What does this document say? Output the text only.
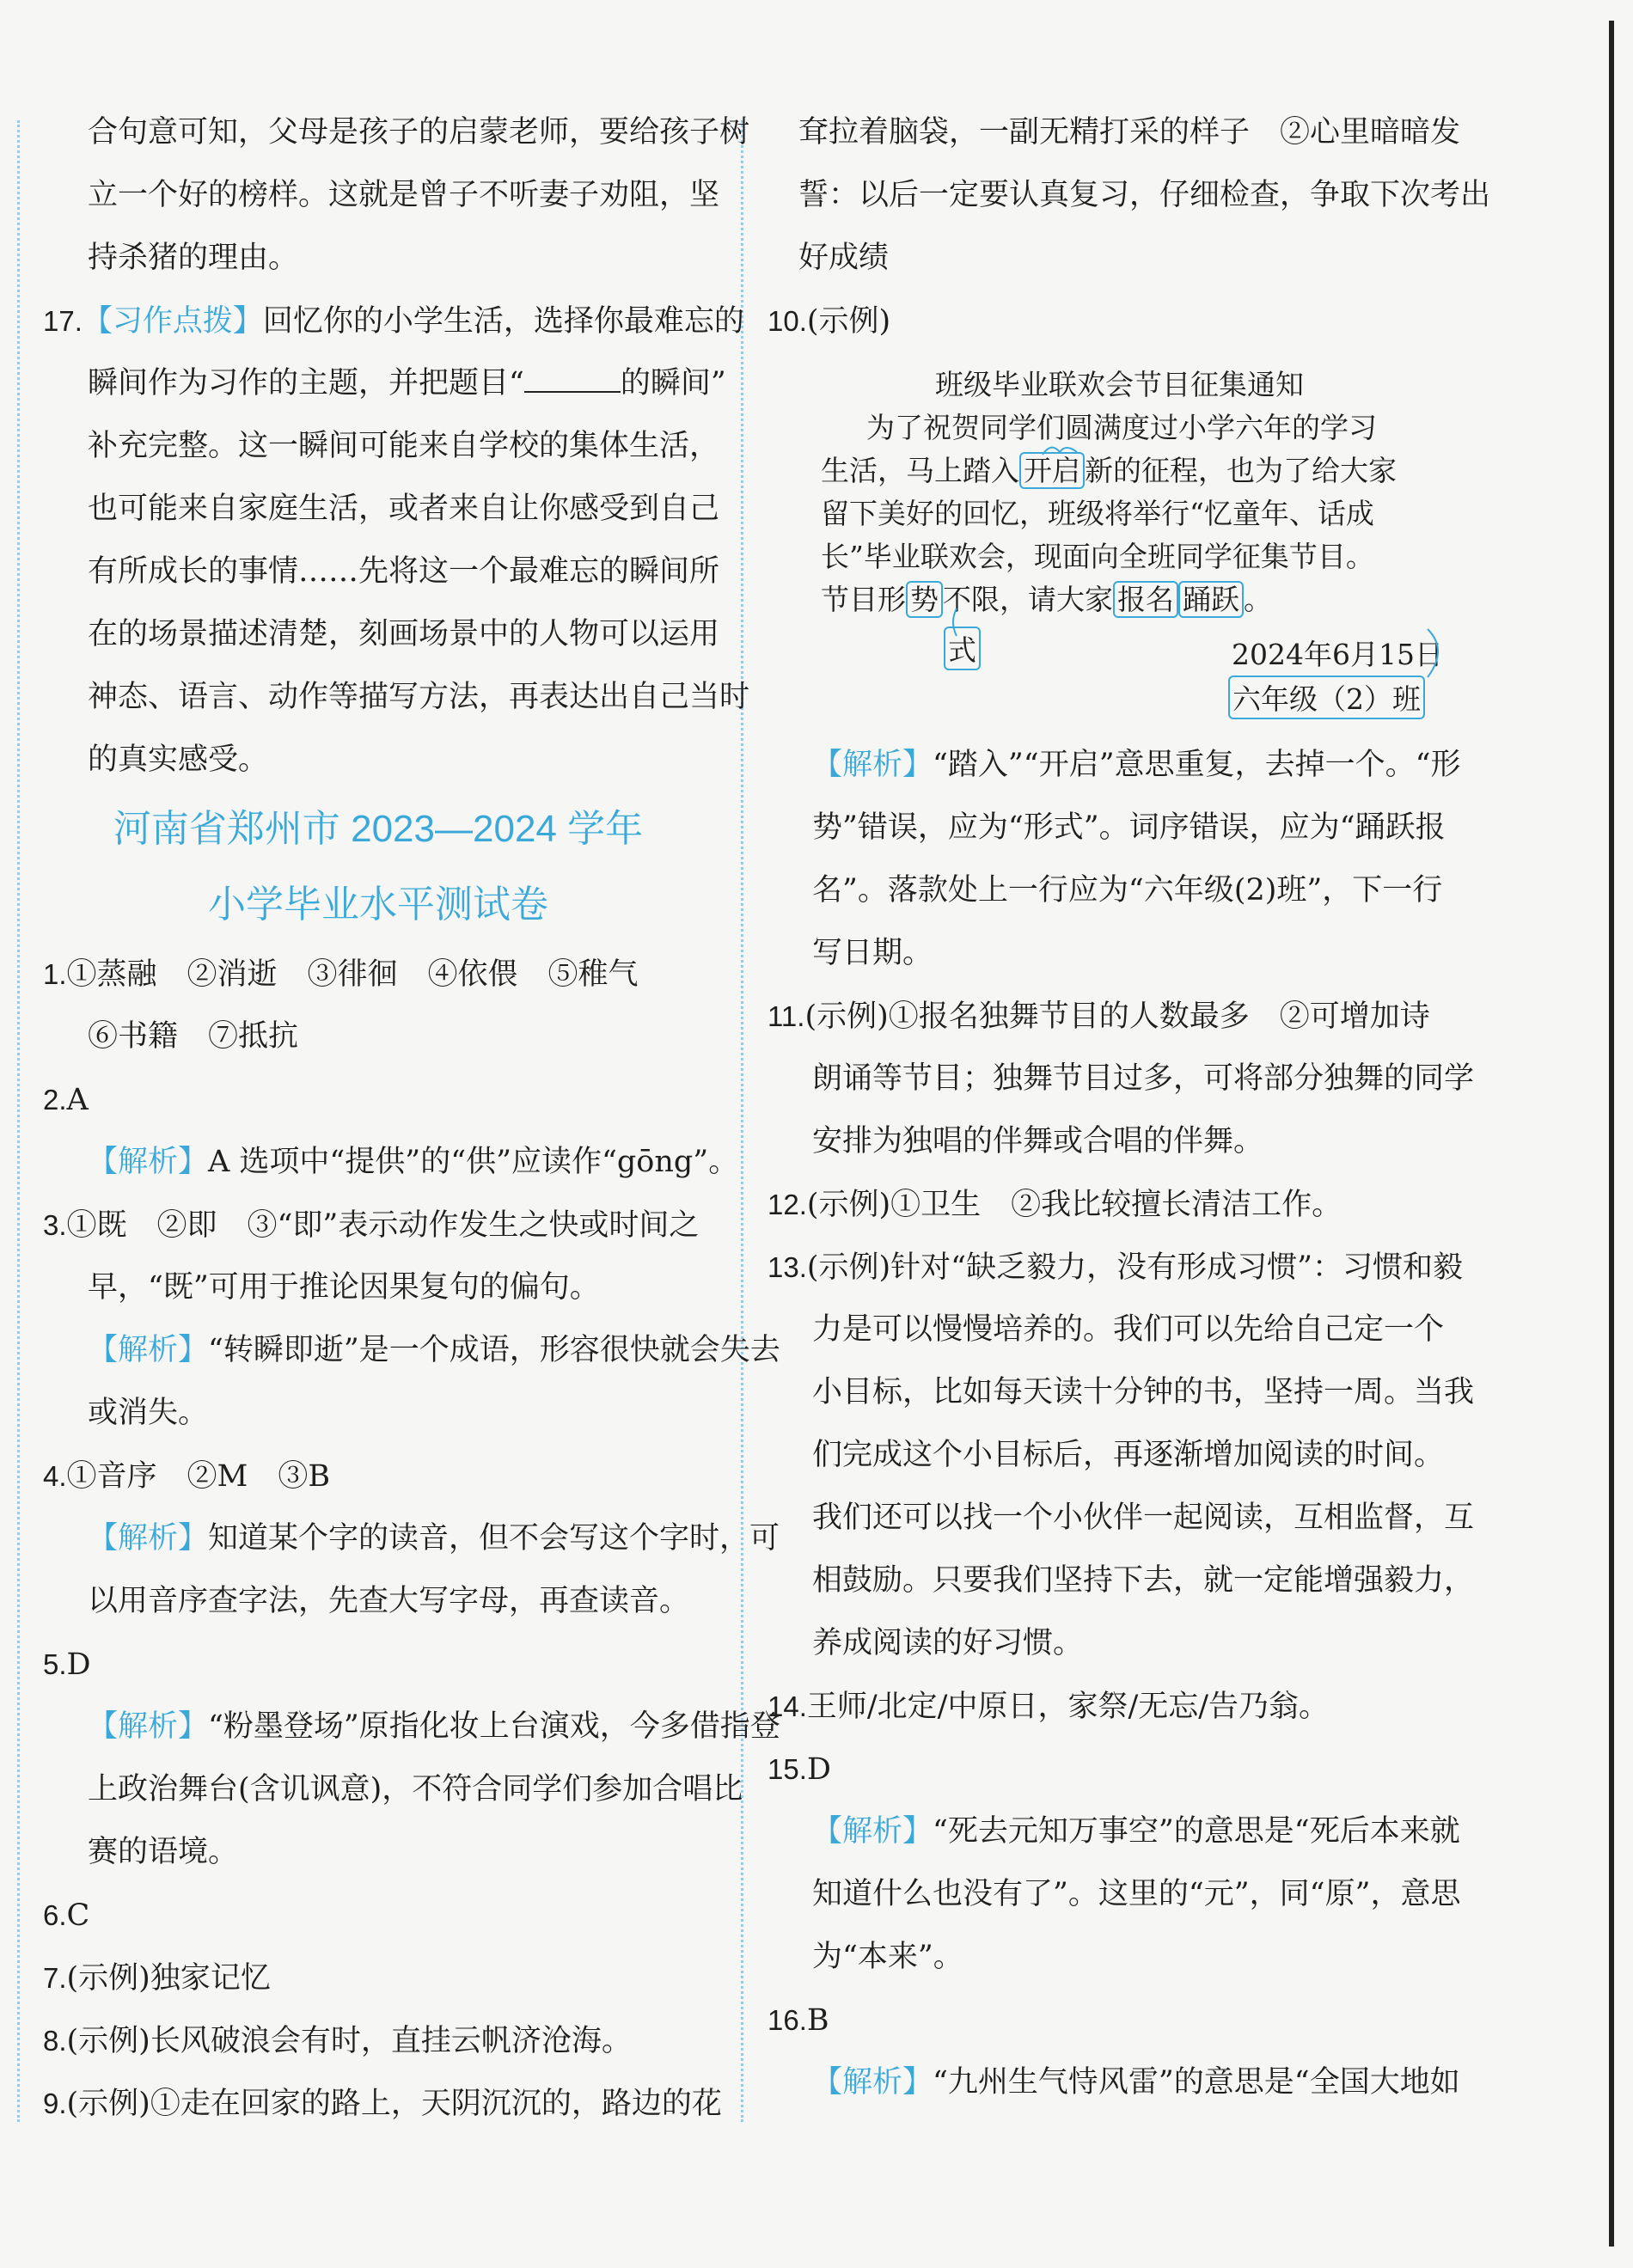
合句意可知，父母是孩子的启蒙老师，要给孩子树
立一个好的榜样。这就是曾子不听妻子劝阻，坚
持杀猪的理由。
17.【习作点拨】回忆你的小学生活，选择你最难忘的
瞬间作为习作的主题，并把题目“	的瞬间”
补充完整。这一瞬间可能来自学校的集体生活，
也可能来自家庭生活，或者来自让你感受到自己
有所成长的事情……先将这一个最难忘的瞬间所
在的场景描述清楚，刻画场景中的人物可以运用
神态、语言、动作等描写方法，再表达出自己当时
的真实感受。
河南省郑州市 2023—2024 学年
小学毕业水平测试卷
1.①蒸融　②消逝　③徘徊　④依偎　⑤稚气
⑥书籍　⑦抵抗
2.A
【解析】A 选项中“提供”的“供”应读作“gōng”。
3.①既　②即　③“即”表示动作发生之快或时间之
早，“既”可用于推论因果复句的偏句。
【解析】“转瞬即逝”是一个成语，形容很快就会失去
或消失。
4.①音序　②M　③B
【解析】知道某个字的读音，但不会写这个字时，可
以用音序查字法，先查大写字母，再查读音。
5.D
【解析】“粉墨登场”原指化妆上台演戏，今多借指登
上政治舞台(含讥讽意)，不符合同学们参加合唱比
赛的语境。
6.C
7.(示例)独家记忆
8.(示例)长风破浪会有时，直挂云帆济沧海。
9.(示例)①走在回家的路上，天阴沉沉的，路边的花
耷拉着脑袋，一副无精打采的样子　②心里暗暗发
誓：以后一定要认真复习，仔细检查，争取下次考出
好成绩
10.(示例)
班级毕业联欢会节目征集通知
为了祝贺同学们圆满度过小学六年的学习
生活，马上踏入 开启 新的征程，也为了给大家
留下美好的回忆，班级将举行“忆童年、话成
长”毕业联欢会，现面向全班同学征集节目。
节目形 势 不限，请大家 报名 踊跃 。
式	2024年6月15日
六年级（2）班
【解析】“踏入”“开启”意思重复，去掉一个。“形
势”错误，应为“形式”。词序错误，应为“踊跃报
名”。落款处上一行应为“六年级(2)班”，下一行
写日期。
11.(示例)①报名独舞节目的人数最多　②可增加诗
朗诵等节目；独舞节目过多，可将部分独舞的同学
安排为独唱的伴舞或合唱的伴舞。
12.(示例)①卫生　②我比较擅长清洁工作。
13.(示例)针对“缺乏毅力，没有形成习惯”：习惯和毅
力是可以慢慢培养的。我们可以先给自己定一个
小目标，比如每天读十分钟的书，坚持一周。当我
们完成这个小目标后，再逐渐增加阅读的时间。
我们还可以找一个小伙伴一起阅读，互相监督，互
相鼓励。只要我们坚持下去，就一定能增强毅力，
养成阅读的好习惯。
14.王师/北定/中原日，家祭/无忘/告乃翁。
15.D
【解析】“死去元知万事空”的意思是“死后本来就
知道什么也没有了”。这里的“元”，同“原”，意思
为“本来”。
16.B
【解析】“九州生气恃风雷”的意思是“全国大地如
